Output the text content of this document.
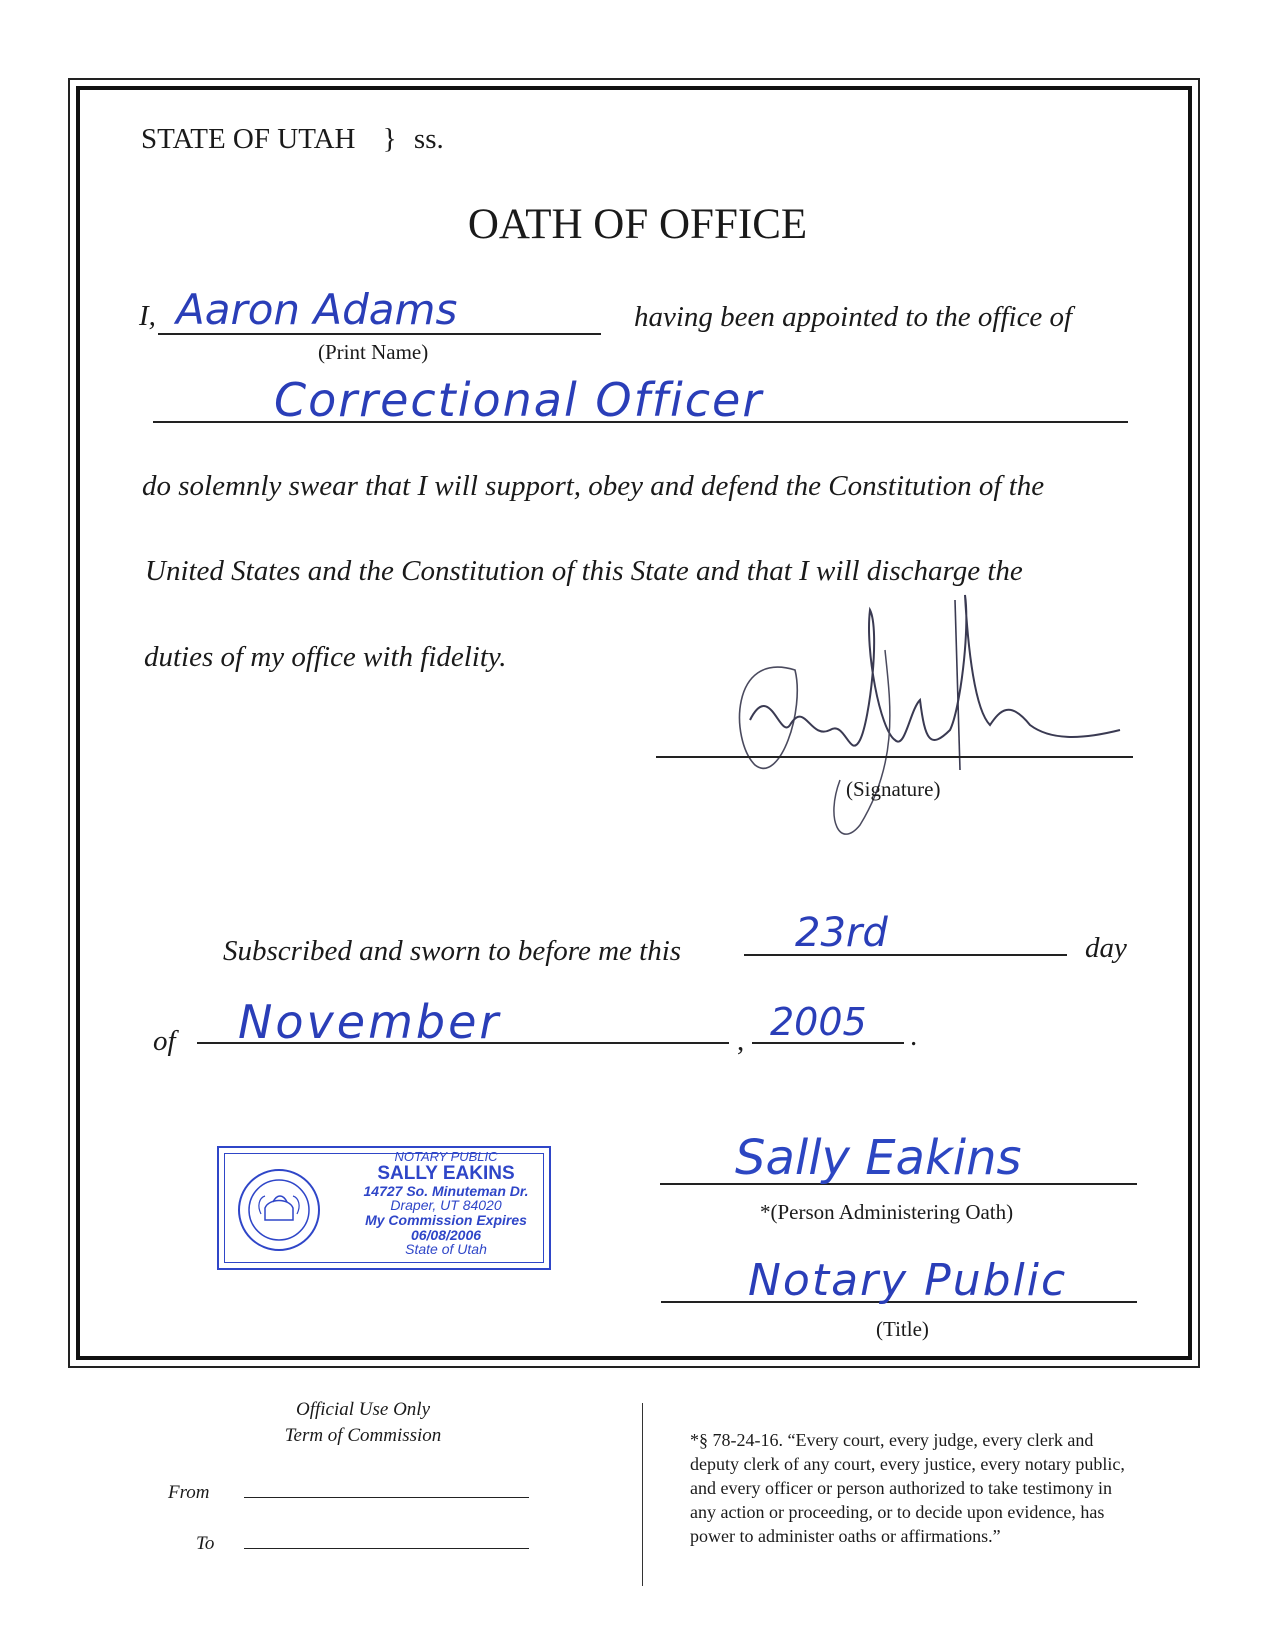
STATE OF UTAH } ss.
OATH OF OFFICE
I, Aaron Adams
(Print Name)
having been appointed to the office of
Correctional Officer
do solemnly swear that I will support, obey and defend the Constitution of the
United States and the Constitution of this State and that I will discharge the
duties of my office with fidelity.
(Signature)
Subscribed and sworn to before me this	23rd	day
of November	, 2005 .
NOTARY PUBLIC
SALLY EAKINS
14727 So. Minuteman Dr.
Draper, UT 84020
My Commission Expires 06/08/2006
State of Utah
Sally Eakins
*(Person Administering Oath)
Notary Public
(Title)
Official Use Only
Term of Commission
From
To
*§ 78-24-16. “Every court, every judge, every clerk and
deputy clerk of any court, every justice, every notary public,
and every officer or person authorized to take testimony in
any action or proceeding, or to decide upon evidence, has
power to administer oaths or affirmations.”
